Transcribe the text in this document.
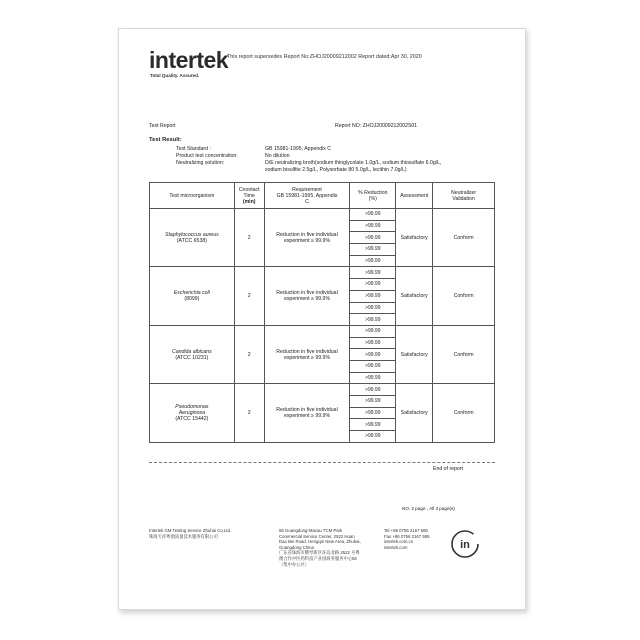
intertek
Total Quality. Assured.
This report supersedes Report No:ZHOJ20009212002 Report dated:Apr 30, 2020
Test Report	Report NO: ZHOJ20009212002S01
Test Result:
Test Standard :	GB 15981-1995, Appendix C
Product test concentration:	No dilution
Neutralizing solution:	D/E neutralizing broth(sodium thioglycolate 1.0g/L, sodium thiosulfate 6.0g/L,
sodium bisulfite 2.5g/L, Polysorbate 80 5.0g/L, lecithin 7.0g/L)
Test microorganism	Cnontact
Time
(min)	Requirement
GB 15981-1995, Appendix
C	% Reduction
(%)	Assessment	Neutralizer
Validation
Staphylococcus aureus
(ATCC 6538)	2	Reduction in five individual
experiment ≥ 99.9%	>99.99	Satisfactory	Conform
			>99.99		
			>99.99		
			>99.99		
			>99.99		
Escherichia coli
(8099)	2	Reduction in five individual
experiment ≥ 99.9%	>99.99	Satisfactory	Conform
			>99.99		
			>99.99		
			>99.99		
			>99.99		
Candida albicans
(ATCC 10231)	2	Reduction in five individual
experiment ≥ 99.9%	>99.99	Satisfactory	Conform
			>99.99		
			>99.99		
			>99.99		
			>99.99		
Pseudomonas
Aeruginosa
(ATCC 15442)	2	Reduction in five individual
experiment ≥ 99.9%	>99.99	Satisfactory	Conform
			>99.99		
			>99.99		
			>99.99		
			>99.99		
End of report
NO. 2 page , All 3 page(s)
Intertek GM Testing Service Zhuhai Co.Ltd.
珠海天祥粤澳质量技术服务有限公司
55 Guangdong-Macau TCM Park
Commercial Service Center, 2522 Huan
Dao Bei Road, Hengqin New Area, Zhuhai,
Guangdong China
广东省珠海市横琴新区环岛北路 2522 号粤
澳合作中医药科技产业园商务服务中心55
（集中办公区）
Tel +86 0756 2167 580
Fax +86 0756 2167 595
intertek.com.cn
intertek.com	in
